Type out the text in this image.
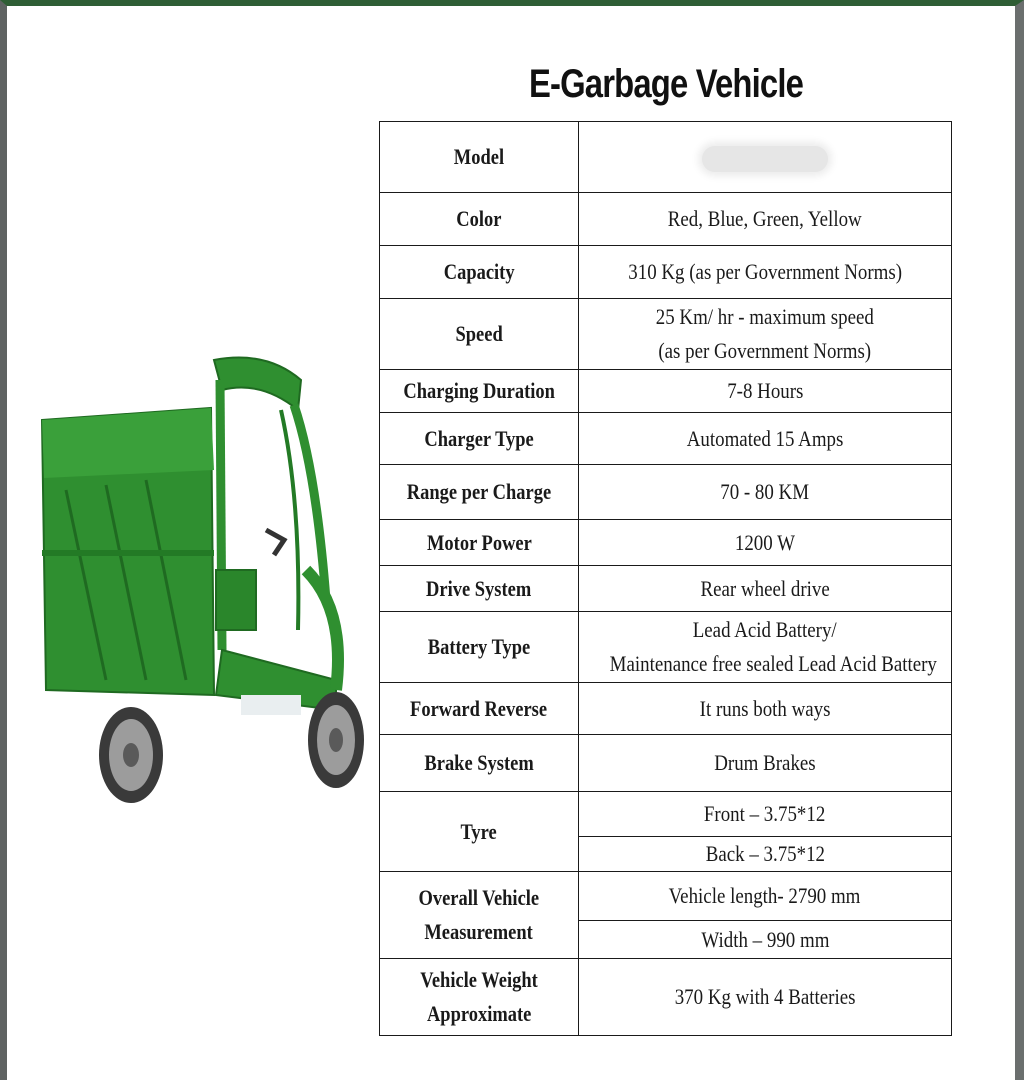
E-Garbage Vehicle
Model	
Color	Red, Blue, Green, Yellow
Capacity	310 Kg (as per Government Norms)
Speed	25 Km/ hr - maximum speed
(as per Government Norms)

Charging Duration	7-8 Hours
Charger Type	Automated 15 Amps
Range per Charge	70 - 80 KM
Motor Power	1200 W
Drive System	Rear wheel drive
Battery Type	Lead Acid Battery/
Maintenance free sealed Lead Acid Battery

Forward Reverse	It runs both ways
Brake System	Drum Brakes
Tyre	Front – 3.75*12
	Back – 3.75*12

Overall Vehicle
Measurement	Vehicle length- 2790 mm
	Width – 990 mm

Vehicle Weight
Approximate	370 Kg with 4 Batteries
